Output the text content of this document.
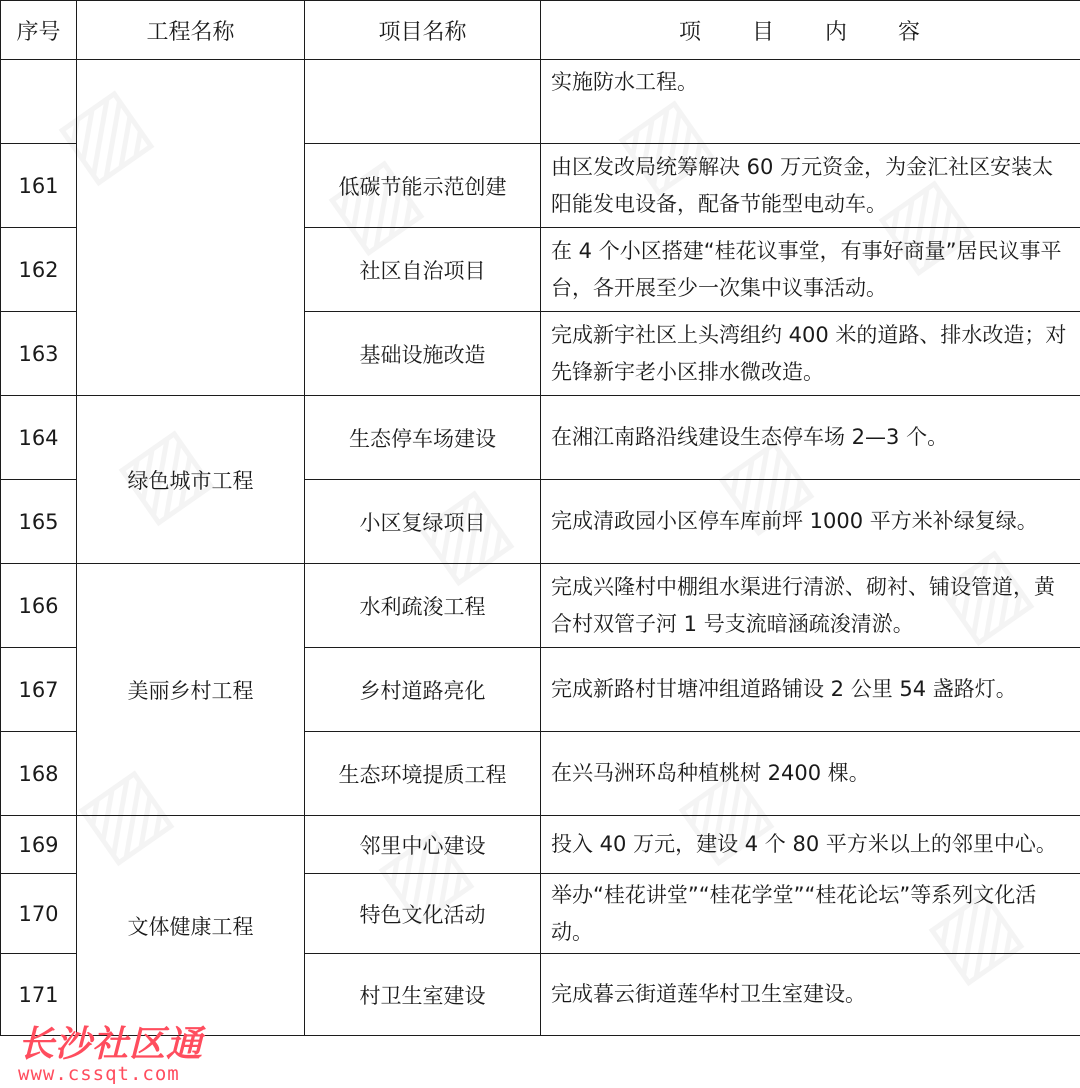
序号	工程名称	项目名称	项 目 内 容
			实施防水工程。
161		低碳节能示范创建	由区发改局统筹解决 60 万元资金，为金汇社区安装太阳能发电设备，配备节能型电动车。
162		社区自治项目	在 4 个小区搭建“桂花议事堂，有事好商量”居民议事平台，各开展至少一次集中议事活动。
163		基础设施改造	完成新宇社区上头湾组约 400 米的道路、排水改造；对先锋新宇老小区排水微改造。
164	绿色城市工程	生态停车场建设	在湘江南路沿线建设生态停车场 2—3 个。
165		小区复绿项目	完成清政园小区停车库前坪 1000 平方米补绿复绿。
166	美丽乡村工程	水利疏浚工程	完成兴隆村中棚组水渠进行清淤、砌衬、铺设管道，黄合村双管子河 1 号支流暗涵疏浚清淤。
167		乡村道路亮化	完成新路村甘塘冲组道路铺设 2 公里 54 盏路灯。
168		生态环境提质工程	在兴马洲环岛种植桃树 2400 棵。
169	文体健康工程	邻里中心建设	投入 40 万元，建设 4 个 80 平方米以上的邻里中心。
170		特色文化活动	举办“桂花讲堂”“桂花学堂”“桂花论坛”等系列文化活动。
171		村卫生室建设	完成暮云街道莲华村卫生室建设。
长沙社区通
www.cssqt.com
